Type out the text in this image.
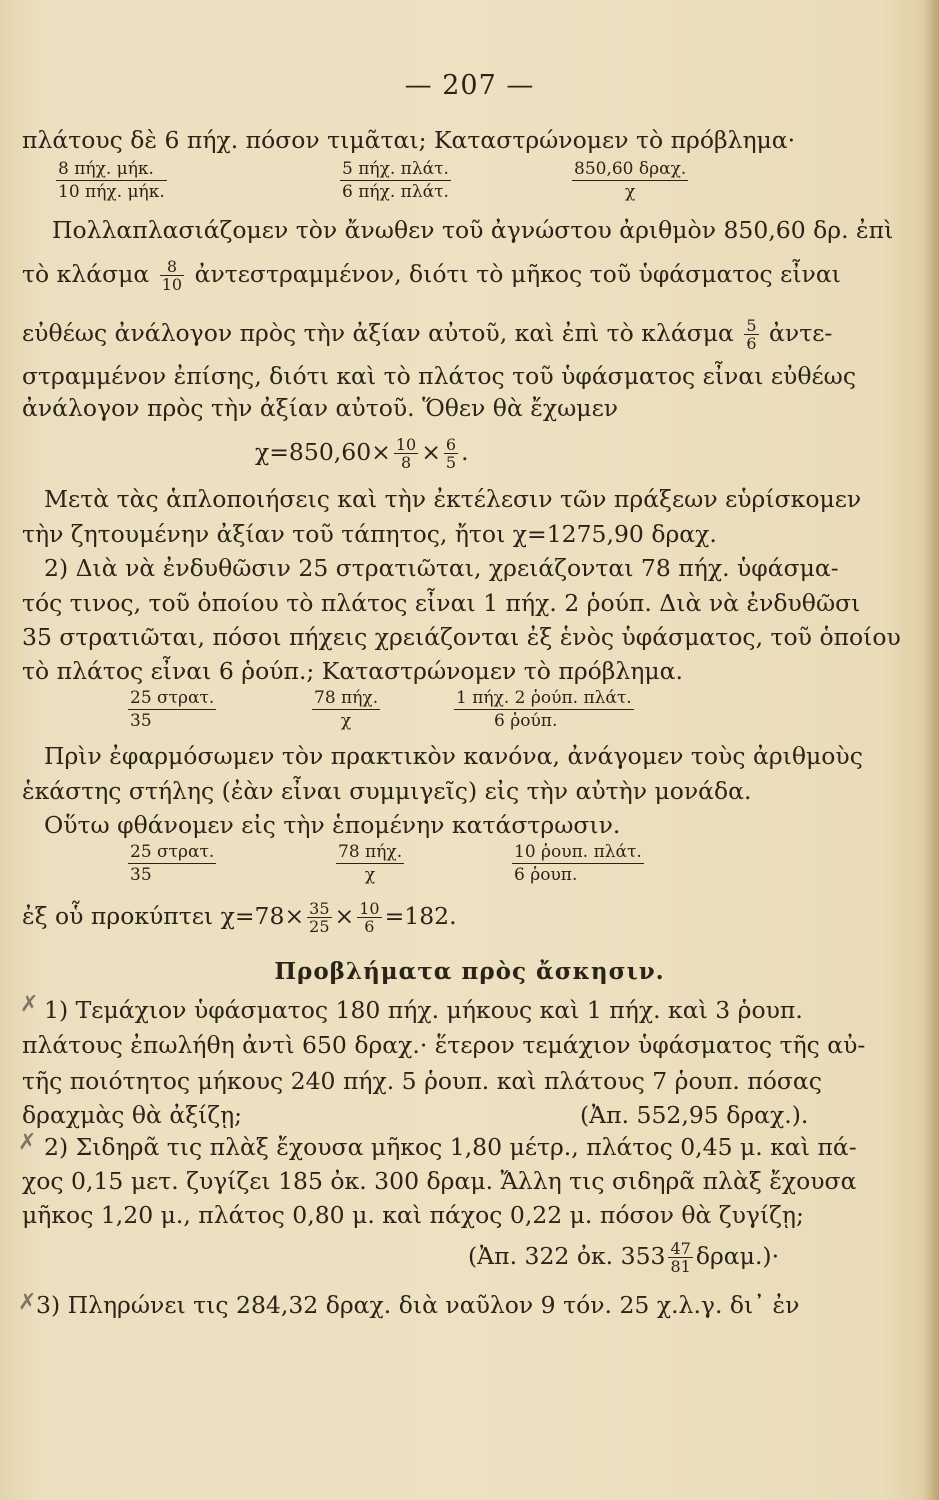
— 207 —
πλάτους δὲ 6 πήχ. πόσον τιμᾶται; Καταστρώνομεν τὸ πρόβλημα·
8 πήχ. μήκ.
10 πήχ. μήκ.
5 πήχ. πλάτ.
6 πήχ. πλάτ.
850,60 δραχ.
χ
Πολλαπλασιάζομεν τὸν ἄνωθεν τοῦ ἀγνώστου ἀριθμὸν 850,60 δρ. ἐπὶ
τὸ κλάσμα $\frac{8}{10}$ ἀντεστραμμένον, διότι τὸ μῆκος τοῦ ὑφάσματος εἶναι
εὐθέως ἀνάλογον πρὸς τὴν ἀξίαν αὐτοῦ, καὶ ἐπὶ τὸ κλάσμα $\frac{5}{6}$ ἀντε-
στραμμένον ἐπίσης, διότι καὶ τὸ πλάτος τοῦ ὑφάσματος εἶναι εὐθέως
ἀνάλογον πρὸς τὴν ἀξίαν αὐτοῦ. Ὅθεν θὰ ἔχωμεν
$\chi=850,60\times \frac{10}{8} \times \frac{6}{5}$ .
Μετὰ τὰς ἁπλοποιήσεις καὶ τὴν ἐκτέλεσιν τῶν πράξεων εὑρίσκομεν
τὴν ζητουμένην ἀξίαν τοῦ τάπητος, ἤτοι χ=1275,90 δραχ.
2) Διὰ νὰ ἐνδυθῶσιν 25 στρατιῶται, χρειάζονται 78 πήχ. ὑφάσμα-
τός τινος, τοῦ ὁποίου τὸ πλάτος εἶναι 1 πήχ. 2 ῥούπ. Διὰ νὰ ἐνδυθῶσι
35 στρατιῶται, πόσοι πήχεις χρειάζονται ἐξ ἑνὸς ὑφάσματος, τοῦ ὁποίου
τὸ πλάτος εἶναι 6 ῥούπ.; Καταστρώνομεν τὸ πρόβλημα.
25 στρατ.
35
78 πήχ.
χ
1 πήχ. 2 ῥούπ. πλάτ.
6 ῥούπ.
Πρὶν ἐφαρμόσωμεν τὸν πρακτικὸν κανόνα, ἀνάγομεν τοὺς ἀριθμοὺς
ἑκάστης στήλης (ἐὰν εἶναι συμμιγεῖς) εἰς τὴν αὐτὴν μονάδα.
Οὕτω φθάνομεν εἰς τὴν ἑπομένην κατάστρωσιν.
25 στρατ.
35
78 πήχ.
χ
10 ῥουπ. πλάτ.
6 ῥουπ.
ἐξ οὗ προκύπτει $\chi=78\times \frac{35}{25} \times \frac{10}{6} =182$.
Προβλήματα πρὸς ἄσκησιν.
✗ 1) Τεμάχιον ὑφάσματος 180 πήχ. μήκους καὶ 1 πήχ. καὶ 3 ῥουπ.
πλάτους ἐπωλήθη ἀντὶ 650 δραχ.· ἕτερον τεμάχιον ὑφάσματος τῆς αὐ-
τῆς ποιότητος μήκους 240 πήχ. 5 ῥουπ. καὶ πλάτους 7 ῥουπ. πόσας
δραχμὰς θὰ ἀξίζῃ;	(Ἀπ. 552,95 δραχ.).
✗ 2) Σιδηρᾶ τις πλὰξ ἔχουσα μῆκος 1,80 μέτρ., πλάτος 0,45 μ. καὶ πά-
χος 0,15 μετ. ζυγίζει 185 ὀκ. 300 δραμ. Ἄλλη τις σιδηρᾶ πλὰξ ἔχουσα
μῆκος 1,20 μ., πλάτος 0,80 μ. καὶ πάχος 0,22 μ. πόσον θὰ ζυγίζῃ;
(Ἀπ. 322 ὀκ. $353 \frac{47}{81} \delta\rho\alpha\mu.)\cdot$
✗ 3) Πληρώνει τις 284,32 δραχ. διὰ ναῦλον 9 τόν. 25 χ.λ.γ. δι᾽ ἐν
